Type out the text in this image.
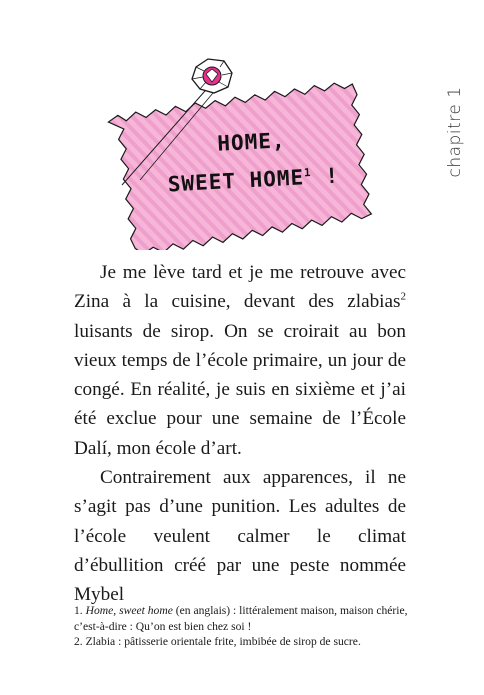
chapitre 1
HOME,
SWEET HOME$^1$ !

Je me lève tard et je me retrouve avec Zina à la cuisine, devant des zlabias$^2$ luisants de sirop. On se croirait au bon vieux temps de l’école primaire, un jour de congé. En réalité, je suis en sixième et j’ai été exclue pour une semaine de l’École Dalí, mon école d’art.

Contrairement aux apparences, il ne s’agit pas d’une punition. Les adultes de l’école veulent calmer le climat d’ébullition créé par une peste nommée Mybel

1. Home, sweet home (en anglais) : littéralement maison, maison chérie, c’est-à-dire : Qu’on est bien chez soi !

2. Zlabia : pâtisserie orientale frite, imbibée de sirop de sucre.
